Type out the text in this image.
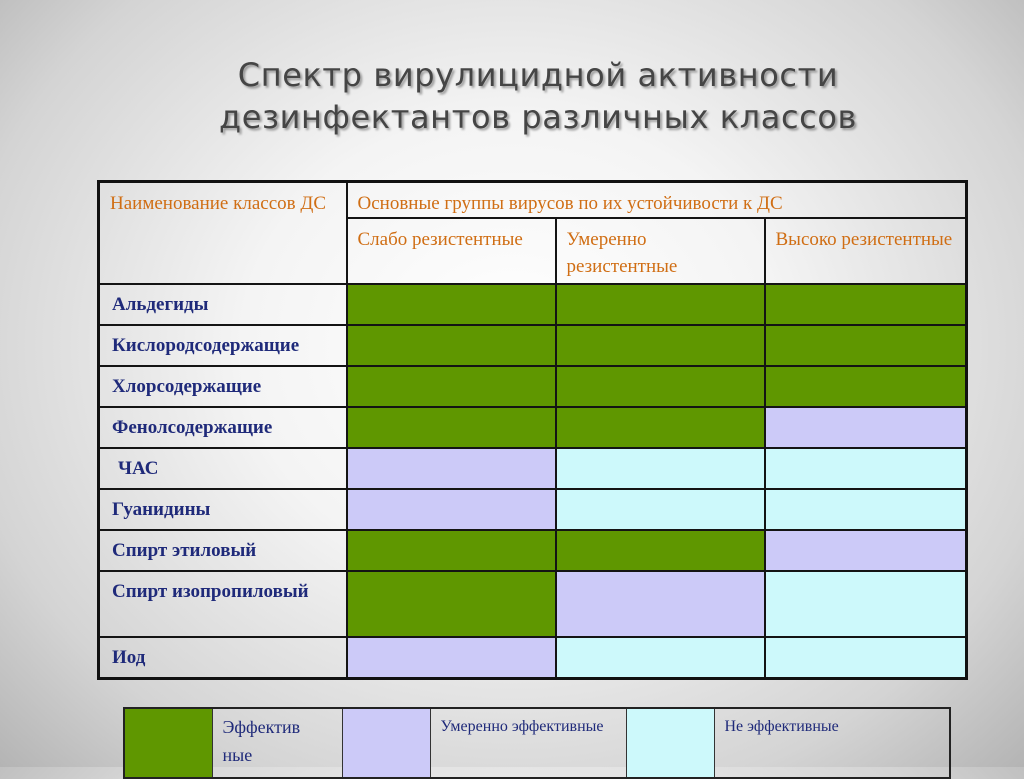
Спектр вирулицидной активности
дезинфектантов различных классов
Наименование классов ДС	Основные группы вирусов по их устойчивости к ДС		
	Слабо резистентные	Умеренно резистентные	Высоко резистентные
Альдегиды			
Кислородсодержащие			
Хлорсодержащие			
Фенолсодержащие			
ЧАС			
Гуанидины			
Спирт этиловый			
Спирт изопропиловый			
Иод			
	Эффектив ные		Умеренно эффективные		Не эффективные
